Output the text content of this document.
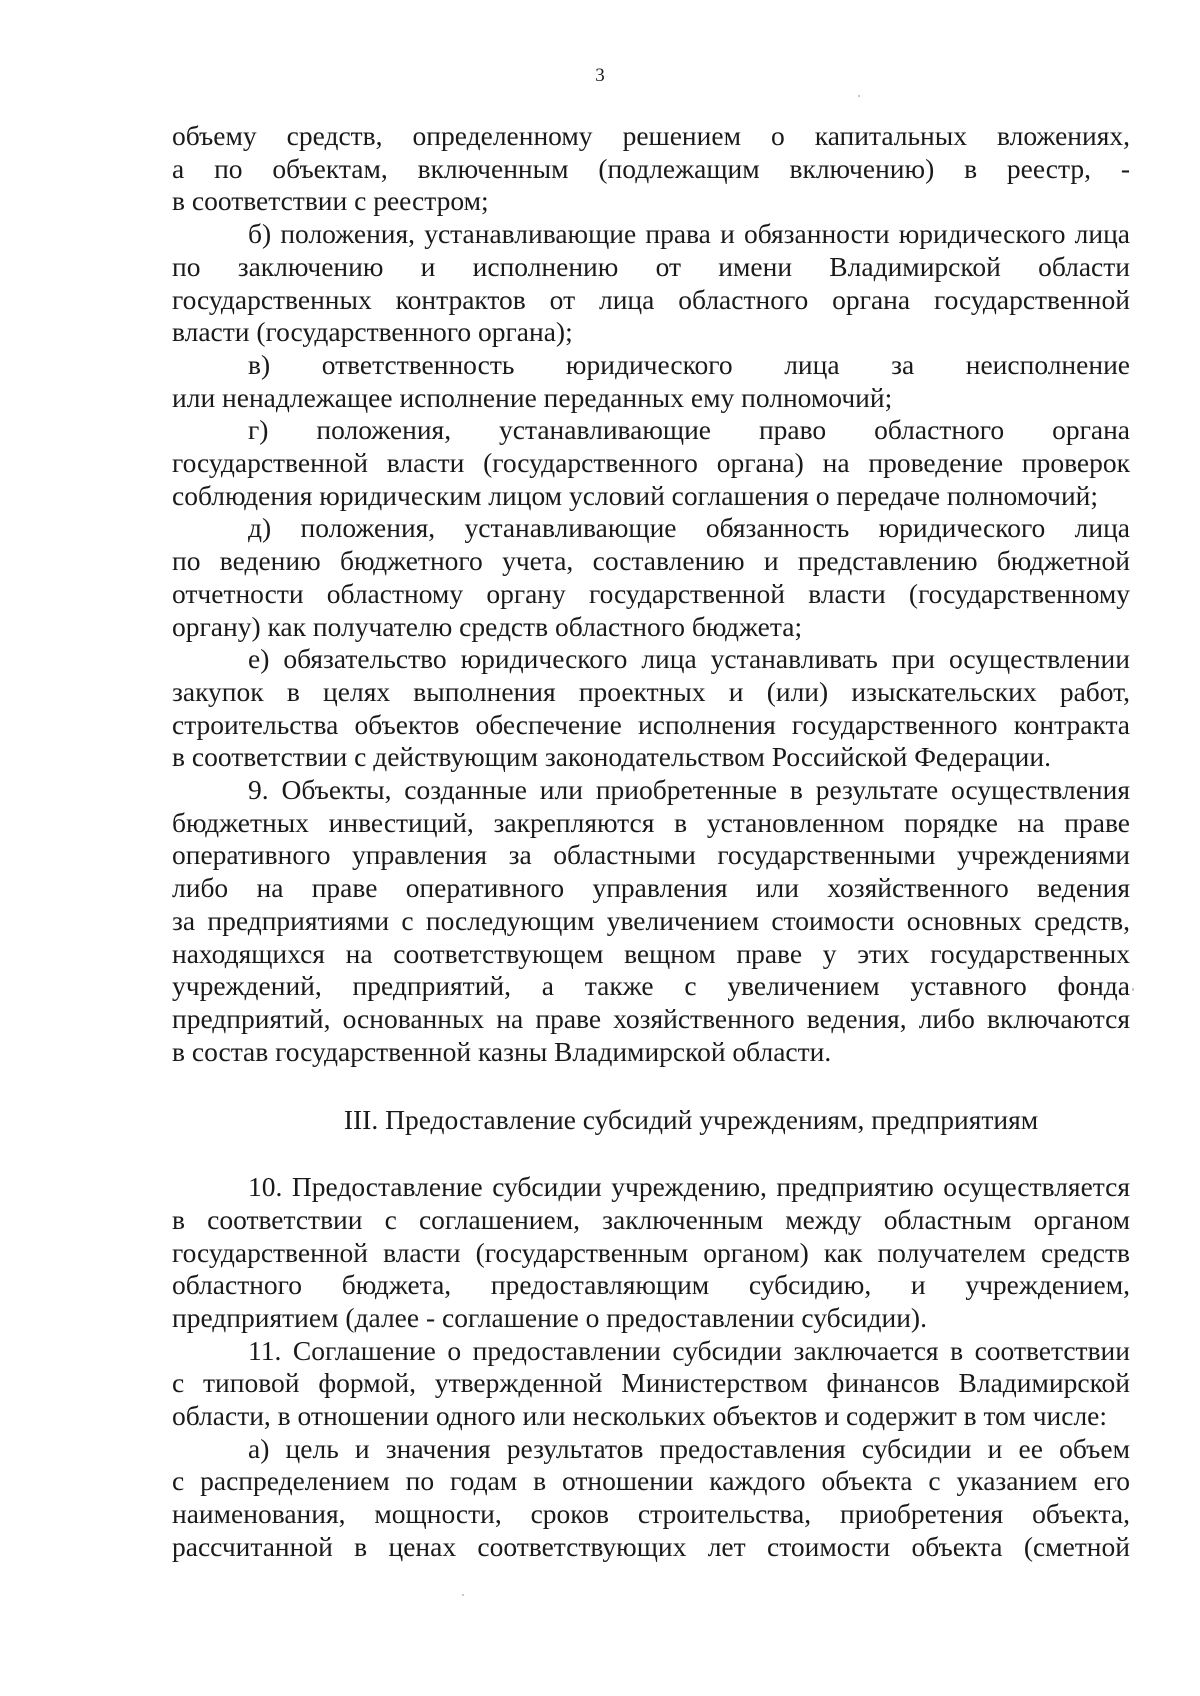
3

объему средств, определенному решением о капитальных вложениях,

а по объектам, включенным (подлежащим включению) в реестр, -

в соответствии с реестром;

б) положения, устанавливающие права и обязанности юридического лица

по заключению и исполнению от имени Владимирской области

государственных контрактов от лица областного органа государственной

власти (государственного органа);

в) ответственность юридического лица за неисполнение

или ненадлежащее исполнение переданных ему полномочий;

г) положения, устанавливающие право областного органа

государственной власти (государственного органа) на проведение проверок

соблюдения юридическим лицом условий соглашения о передаче полномочий;

д) положения, устанавливающие обязанность юридического лица

по ведению бюджетного учета, составлению и представлению бюджетной

отчетности областному органу государственной власти (государственному

органу) как получателю средств областного бюджета;

е) обязательство юридического лица устанавливать при осуществлении

закупок в целях выполнения проектных и (или) изыскательских работ,

строительства объектов обеспечение исполнения государственного контракта

в соответствии с действующим законодательством Российской Федерации.

9. Объекты, созданные или приобретенные в результате осуществления

бюджетных инвестиций, закрепляются в установленном порядке на праве

оперативного управления за областными государственными учреждениями

либо на праве оперативного управления или хозяйственного ведения

за предприятиями с последующим увеличением стоимости основных средств,

находящихся на соответствующем вещном праве у этих государственных

учреждений, предприятий, а также с увеличением уставного фонда

предприятий, основанных на праве хозяйственного ведения, либо включаются

в состав государственной казны Владимирской области.

III. Предоставление субсидий учреждениям, предприятиям

10. Предоставление субсидии учреждению, предприятию осуществляется

в соответствии с соглашением, заключенным между областным органом

государственной власти (государственным органом) как получателем средств

областного бюджета, предоставляющим субсидию, и учреждением,

предприятием (далее - соглашение о предоставлении субсидии).

11. Соглашение о предоставлении субсидии заключается в соответствии

с типовой формой, утвержденной Министерством финансов Владимирской

области, в отношении одного или нескольких объектов и содержит в том числе:

а) цель и значения результатов предоставления субсидии и ее объем

с распределением по годам в отношении каждого объекта с указанием его

наименования, мощности, сроков строительства, приобретения объекта,

рассчитанной в ценах соответствующих лет стоимости объекта (сметной
